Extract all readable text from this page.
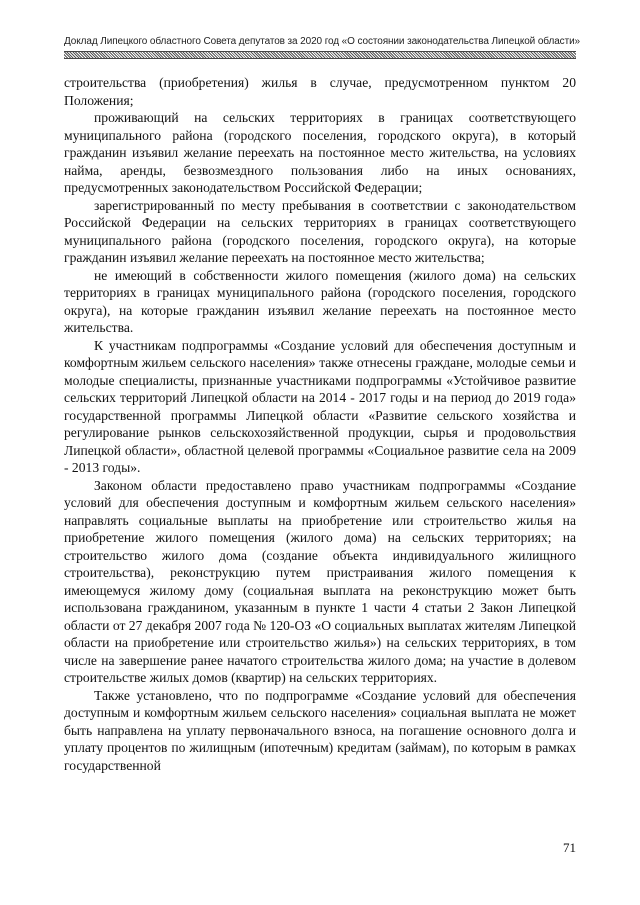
Доклад Липецкого областного Совета депутатов за 2020 год «О состоянии законодательства Липецкой области»

строительства (приобретения) жилья в случае, предусмотренном пунктом 20 Положения;

проживающий на сельских территориях в границах соответствующего муниципального района (городского поселения, городского округа), в который гражданин изъявил желание переехать на постоянное место жительства, на условиях найма, аренды, безвозмездного пользования либо на иных основаниях, предусмотренных законодательством Российской Федерации;

зарегистрированный по месту пребывания в соответствии с законодательством Российской Федерации на сельских территориях в границах соответствующего муниципального района (городского поселения, городского округа), на которые гражданин изъявил желание переехать на постоянное место жительства;

не имеющий в собственности жилого помещения (жилого дома) на сельских территориях в границах муниципального района (городского поселения, городского округа), на которые гражданин изъявил желание переехать на постоянное место жительства.

К участникам подпрограммы «Создание условий для обеспечения доступным и комфортным жильем сельского населения» также отнесены граждане, молодые семьи и молодые специалисты, признанные участниками подпрограммы «Устойчивое развитие сельских территорий Липецкой области на 2014 - 2017 годы и на период до 2019 года» государственной программы Липецкой области «Развитие сельского хозяйства и регулирование рынков сельскохозяйственной продукции, сырья и продовольствия Липецкой области», областной целевой программы «Социальное развитие села на 2009 - 2013 годы».

Законом области предоставлено право участникам подпрограммы «Создание условий для обеспечения доступным и комфортным жильем сельского населения» направлять социальные выплаты на приобретение или строительство жилья на приобретение жилого помещения (жилого дома) на сельских территориях; на строительство жилого дома (создание объекта индивидуального жилищного строительства), реконструкцию путем пристраивания жилого помещения к имеющемуся жилому дому (социальная выплата на реконструкцию может быть использована гражданином, указанным в пункте 1 части 4 статьи 2 Закон Липецкой области от 27 декабря 2007 года № 120-ОЗ «О социальных выплатах жителям Липецкой области на приобретение или строительство жилья») на сельских территориях, в том числе на завершение ранее начатого строительства жилого дома; на участие в долевом строительстве жилых домов (квартир) на сельских территориях.

Также установлено, что по подпрограмме «Создание условий для обеспечения доступным и комфортным жильем сельского населения» социальная выплата не может быть направлена на уплату первоначального взноса, на погашение основного долга и уплату процентов по жилищным (ипотечным) кредитам (займам), по которым в рамках государственной

71
